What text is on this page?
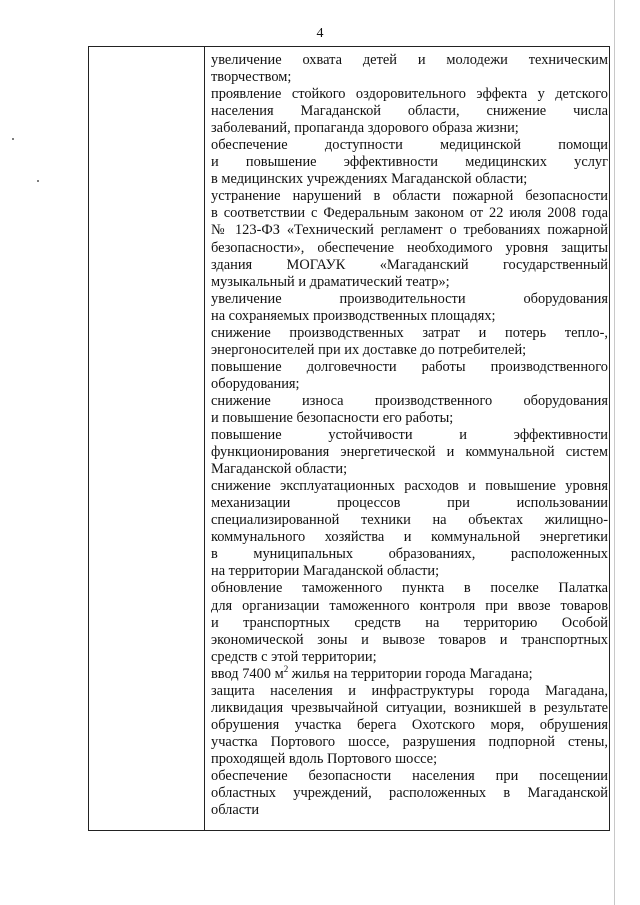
4
увеличение охвата детей и молодежи техническим
творчеством;
проявление стойкого оздоровительного эффекта у детского
населения Магаданской области, снижение числа
заболеваний, пропаганда здорового образа жизни;
обеспечение доступности медицинской помощи
и повышение эффективности медицинских услуг
в медицинских учреждениях Магаданской области;
устранение нарушений в области пожарной безопасности
в соответствии с Федеральным законом от 22 июля 2008 года
№ 123-ФЗ «Технический регламент о требованиях пожарной
безопасности», обеспечение необходимого уровня защиты
здания МОГАУК «Магаданский государственный
музыкальный и драматический театр»;
увеличение производительности оборудования
на сохраняемых производственных площадях;
снижение производственных затрат и потерь тепло-,
энергоносителей при их доставке до потребителей;
повышение долговечности работы производственного
оборудования;
снижение износа производственного оборудования
и повышение безопасности его работы;
повышение устойчивости и эффективности
функционирования энергетической и коммунальной систем
Магаданской области;
снижение эксплуатационных расходов и повышение уровня
механизации процессов при использовании
специализированной техники на объектах жилищно-
коммунального хозяйства и коммунальной энергетики
в муниципальных образованиях, расположенных
на территории Магаданской области;
обновление таможенного пункта в поселке Палатка
для организации таможенного контроля при ввозе товаров
и транспортных средств на территорию Особой
экономической зоны и вывозе товаров и транспортных
средств с этой территории;
ввод 7400 $м^2$ жилья на территории города Магадана;
защита населения и инфраструктуры города Магадана,
ликвидация чрезвычайной ситуации, возникшей в результате
обрушения участка берега Охотского моря, обрушения
участка Портового шоссе, разрушения подпорной стены,
проходящей вдоль Портового шоссе;
обеспечение безопасности населения при посещении
областных учреждений, расположенных в Магаданской
области
